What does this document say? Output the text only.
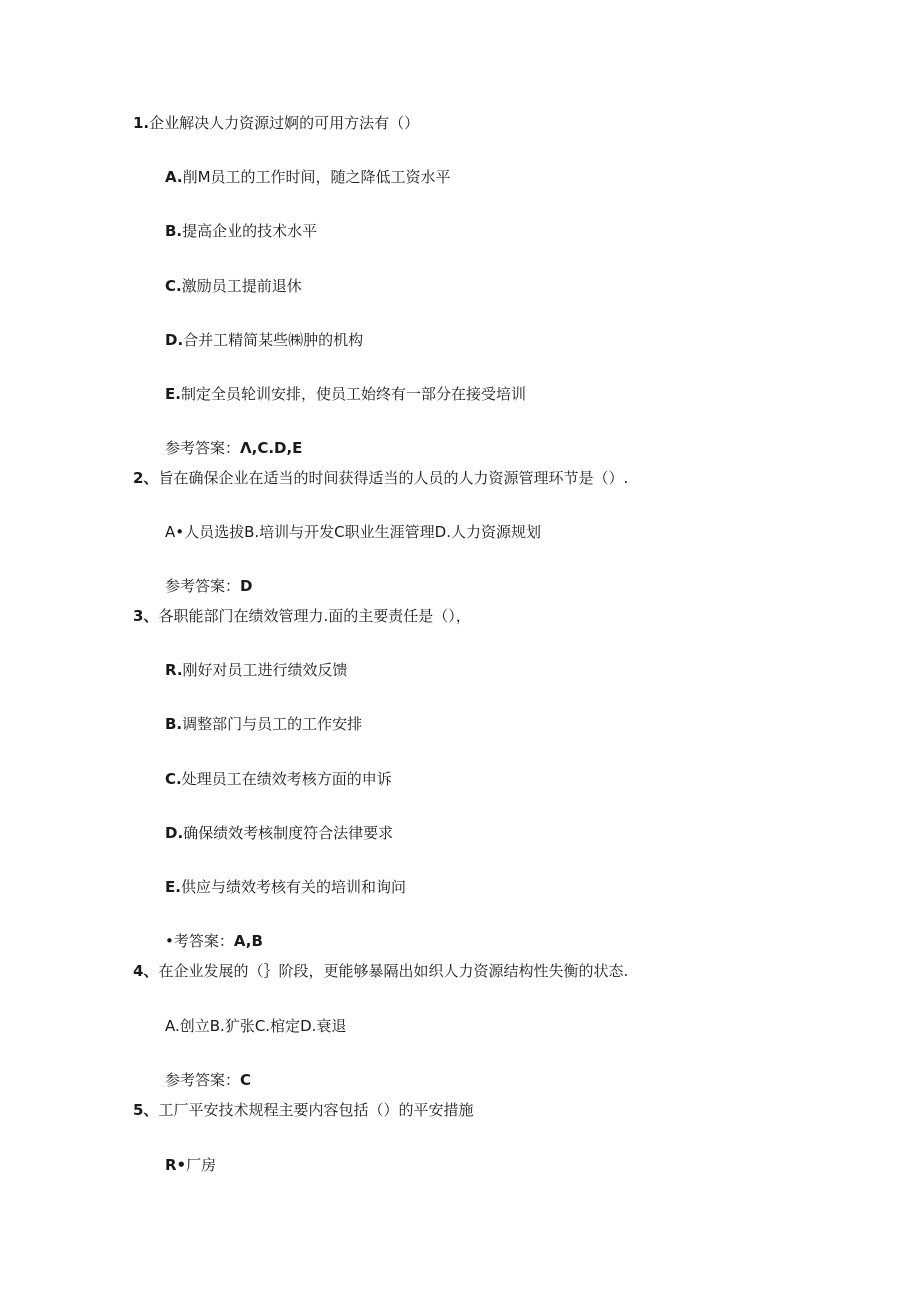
1.企业解决人力资源过婀的可用方法有（）
A.削M员工的工作时间，随之降低工资水平
B.提高企业的技术水平
C.激励员工提前退休
D.合并工精简某些㈱肿的机构
E.制定全员轮训安排，使员工始终有一部分在接受培训
参考答案：Λ,C.D,E
2、旨在确保企业在适当的时间获得适当的人员的人力资源管理环节是（）.
A•人员选拔B.培训与开发C职业生涯管理D.人力资源规划
参考答案：D
3、各职能部门在绩效管理力.面的主要责任是（），
R.刚好对员工进行绩效反馈
B.调整部门与员工的工作安排
C.处理员工在绩效考核方面的申诉
D.确保绩效考核制度符合法律要求
E.供应与绩效考核有关的培训和询问
•考答案：A,B
4、在企业发展的（｝阶段，更能够暴隔出如织人力资源结构性失衡的状态.
A.创立B.犷张C.棺定D.衰退
参考答案：C
5、工厂平安技术规程主要内容包括（）的平安措施
R•厂房
